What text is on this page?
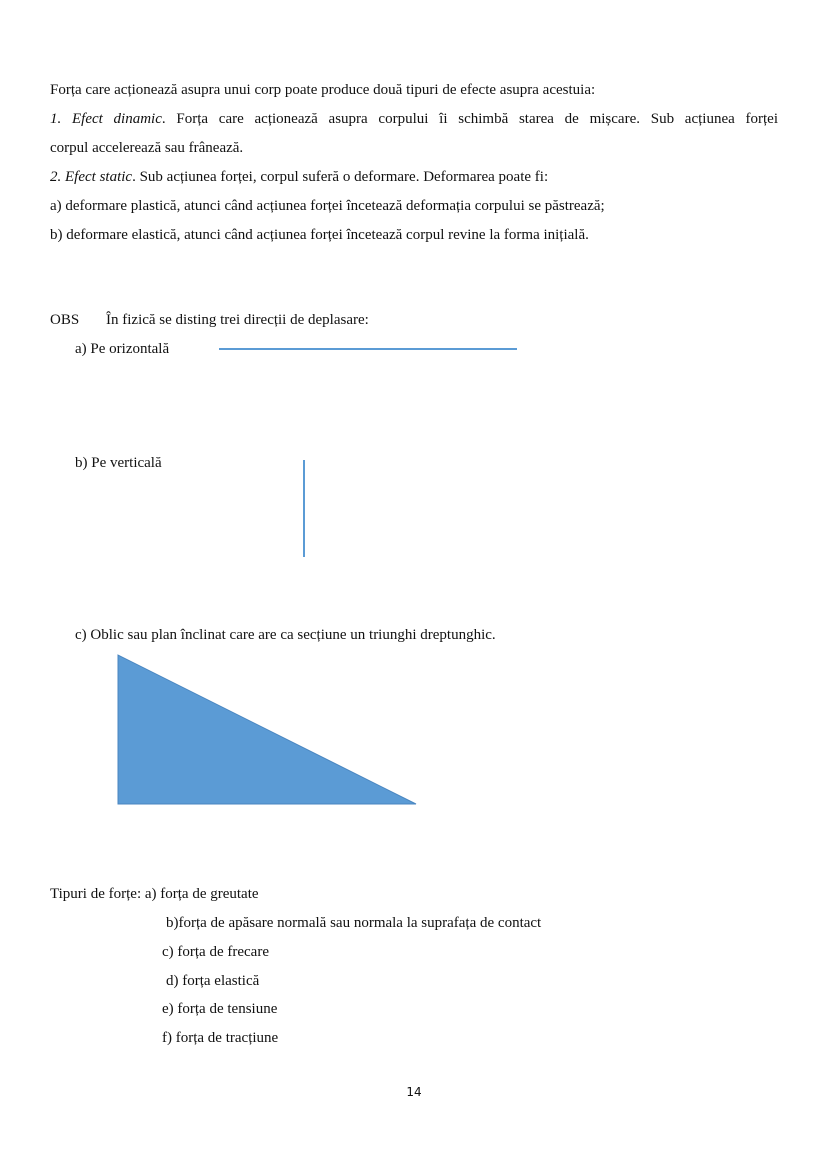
Forța care acționează asupra unui corp poate produce două tipuri de efecte asupra acestuia:
1. Efect dinamic. Forța care acționează asupra corpului îi schimbă starea de mișcare. Sub acțiunea forței
corpul accelerează sau frânează.
2. Efect static. Sub acțiunea forței, corpul suferă o deformare. Deformarea poate fi:
a) deformare plastică, atunci când acțiunea forței încetează deformația corpului se păstrează;
b) deformare elastică, atunci când acțiunea forței încetează corpul revine la forma inițială.
OBS În fizică se disting trei direcții de deplasare:
a) Pe orizontală
b) Pe verticală
c) Oblic sau plan înclinat care are ca secțiune un triunghi dreptunghic.
Tipuri de forțe: a) forța de greutate
b)forța de apăsare normală sau normala la suprafața de contact
c) forța de frecare
d) forța elastică
e) forța de tensiune
f) forța de tracțiune
14
